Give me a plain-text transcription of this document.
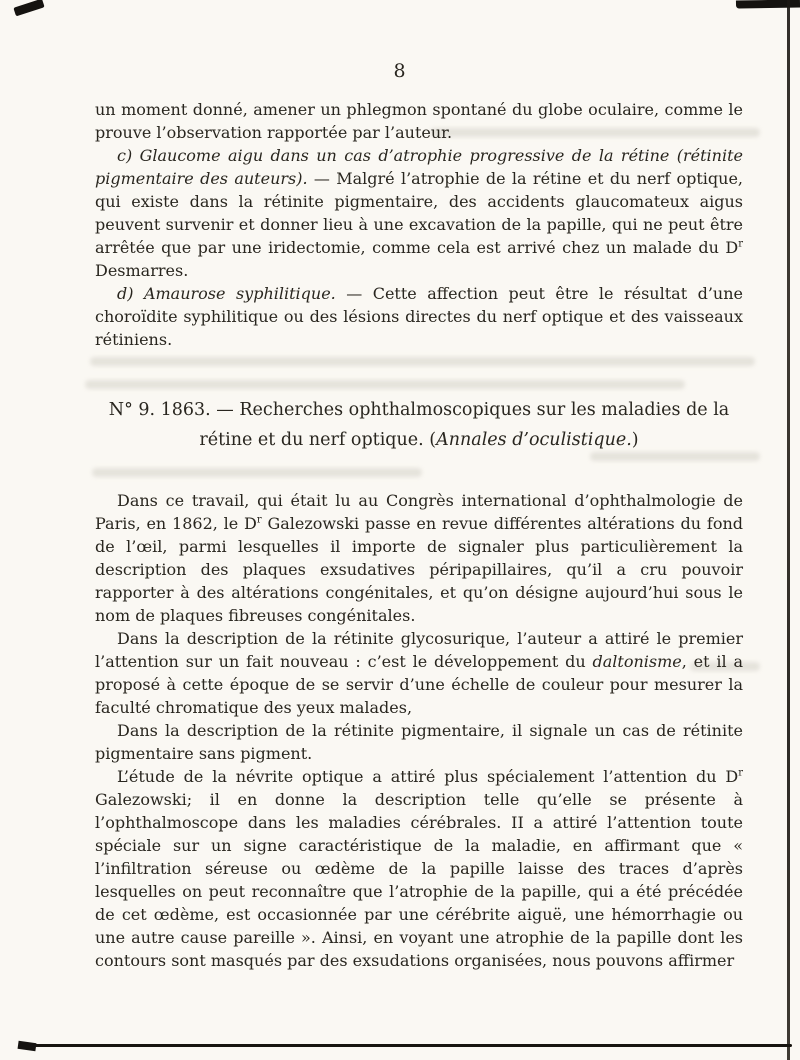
8

un moment donné, amener un phlegmon spontané du globe oculaire, comme le prouve l’observation rapportée par l’auteur.

c) Glaucome aigu dans un cas d’atrophie progressive de la rétine (rétinite pigmentaire des auteurs). — Malgré l’atrophie de la rétine et du nerf optique, qui existe dans la rétinite pigmentaire, des accidents glaucomateux aigus peuvent survenir et donner lieu à une excavation de la papille, qui ne peut être arrêtée que par une iridectomie, comme cela est arrivé chez un malade du $D^r$ Desmarres.

d) Amaurose syphilitique. — Cette affection peut être le résultat d’une choroïdite syphilitique ou des lésions directes du nerf optique et des vaisseaux rétiniens.

N° 9. 1863. — Recherches ophthalmoscopiques sur les maladies de la rétine et du nerf optique. (Annales d’oculistique.)

Dans ce travail, qui était lu au Congrès international d’ophthalmologie de Paris, en 1862, le $D^r$ Galezowski passe en revue différentes altérations du fond de l’œil, parmi lesquelles il importe de signaler plus particulièrement la description des plaques exsudatives péripapillaires, qu’il a cru pouvoir rapporter à des altérations congénitales, et qu’on désigne aujourd’hui sous le nom de plaques fibreuses congénitales.

Dans la description de la rétinite glycosurique, l’auteur a attiré le premier l’attention sur un fait nouveau : c’est le développement du daltonisme, et il a proposé à cette époque de se servir d’une échelle de couleur pour mesurer la faculté chromatique des yeux malades,

Dans la description de la rétinite pigmentaire, il signale un cas de rétinite pigmentaire sans pigment.

L’étude de la névrite optique a attiré plus spécialement l’attention du $D^r$ Galezowski; il en donne la description telle qu’elle se présente à l’ophthalmoscope dans les maladies cérébrales. II a attiré l’attention toute spéciale sur un signe caractéristique de la maladie, en affirmant que « l’infiltration séreuse ou œdème de la papille laisse des traces d’après lesquelles on peut reconnaître que l’atrophie de la papille, qui a été précédée de cet œdème, est occasionnée par une cérébrite aiguë, une hémorrhagie ou une autre cause pareille ». Ainsi, en voyant une atrophie de la papille dont les contours sont masqués par des exsudations organisées, nous pouvons affirmer
